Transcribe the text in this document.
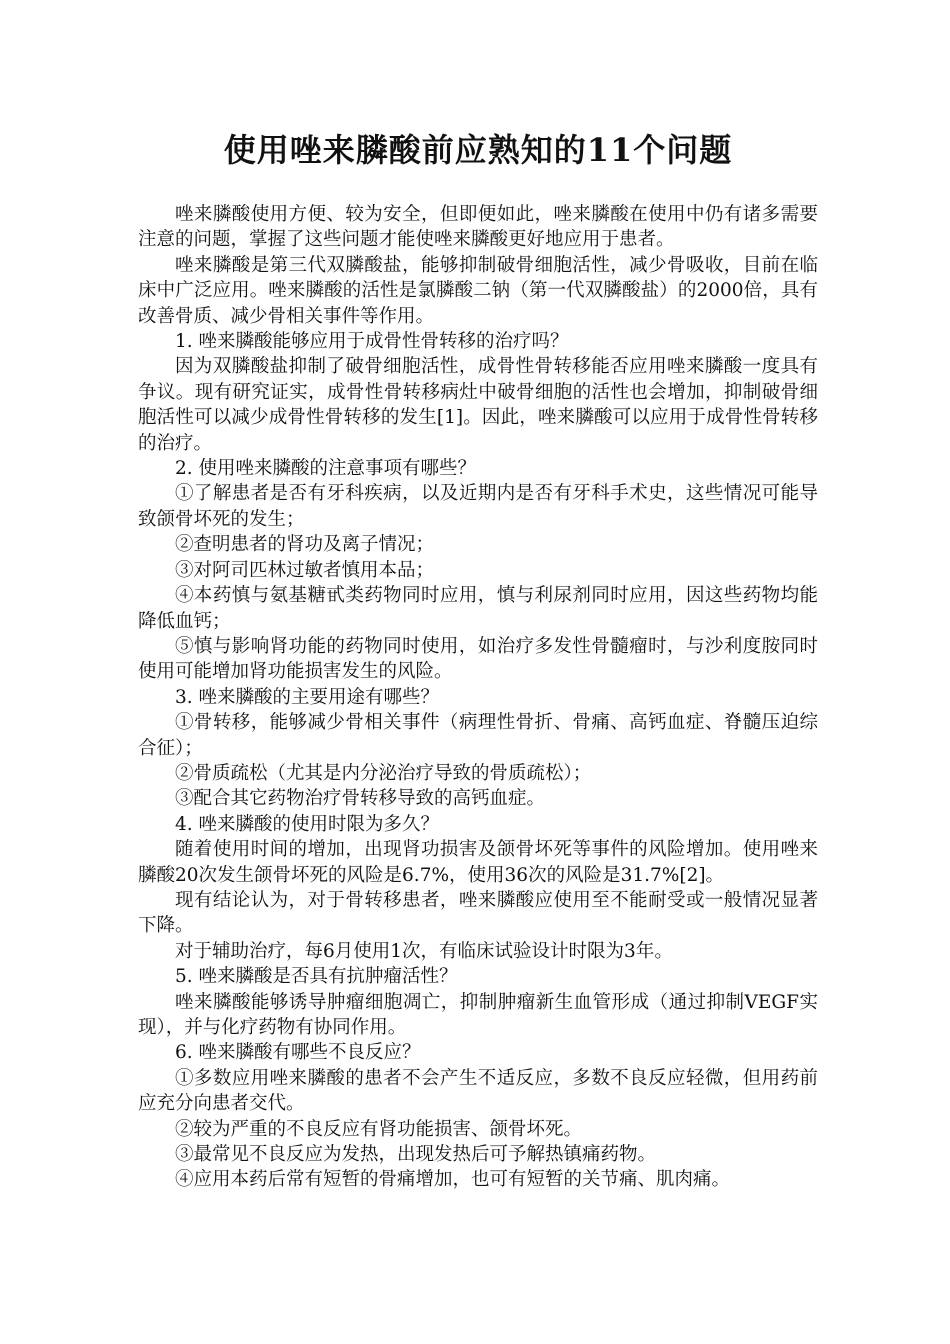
使用唑来膦酸前应熟知的11个问题

唑来膦酸使用方便、较为安全，但即便如此，唑来膦酸在使用中仍有诸多需要注意的问题，掌握了这些问题才能使唑来膦酸更好地应用于患者。

唑来膦酸是第三代双膦酸盐，能够抑制破骨细胞活性，减少骨吸收，目前在临床中广泛应用。唑来膦酸的活性是氯膦酸二钠（第一代双膦酸盐）的2000倍，具有改善骨质、减少骨相关事件等作用。

1. 唑来膦酸能够应用于成骨性骨转移的治疗吗？

因为双膦酸盐抑制了破骨细胞活性，成骨性骨转移能否应用唑来膦酸一度具有争议。现有研究证实，成骨性骨转移病灶中破骨细胞的活性也会增加，抑制破骨细胞活性可以减少成骨性骨转移的发生[1]。因此，唑来膦酸可以应用于成骨性骨转移的治疗。

2. 使用唑来膦酸的注意事项有哪些？

①了解患者是否有牙科疾病，以及近期内是否有牙科手术史，这些情况可能导致颌骨坏死的发生；

②查明患者的肾功及离子情况；

③对阿司匹林过敏者慎用本品；

④本药慎与氨基糖甙类药物同时应用，慎与利尿剂同时应用，因这些药物均能降低血钙；

⑤慎与影响肾功能的药物同时使用，如治疗多发性骨髓瘤时，与沙利度胺同时使用可能增加肾功能损害发生的风险。

3. 唑来膦酸的主要用途有哪些？

①骨转移，能够减少骨相关事件（病理性骨折、骨痛、高钙血症、脊髓压迫综合征）；

②骨质疏松（尤其是内分泌治疗导致的骨质疏松）；

③配合其它药物治疗骨转移导致的高钙血症。

4. 唑来膦酸的使用时限为多久？

随着使用时间的增加，出现肾功损害及颌骨坏死等事件的风险增加。使用唑来膦酸20次发生颌骨坏死的风险是6.7%，使用36次的风险是31.7%[2]。

现有结论认为，对于骨转移患者，唑来膦酸应使用至不能耐受或一般情况显著下降。

对于辅助治疗，每6月使用1次，有临床试验设计时限为3年。

5. 唑来膦酸是否具有抗肿瘤活性？

唑来膦酸能够诱导肿瘤细胞凋亡，抑制肿瘤新生血管形成（通过抑制VEGF实现），并与化疗药物有协同作用。

6. 唑来膦酸有哪些不良反应？

①多数应用唑来膦酸的患者不会产生不适反应，多数不良反应轻微，但用药前应充分向患者交代。

②较为严重的不良反应有肾功能损害、颌骨坏死。

③最常见不良反应为发热，出现发热后可予解热镇痛药物。

④应用本药后常有短暂的骨痛增加，也可有短暂的关节痛、肌肉痛。
